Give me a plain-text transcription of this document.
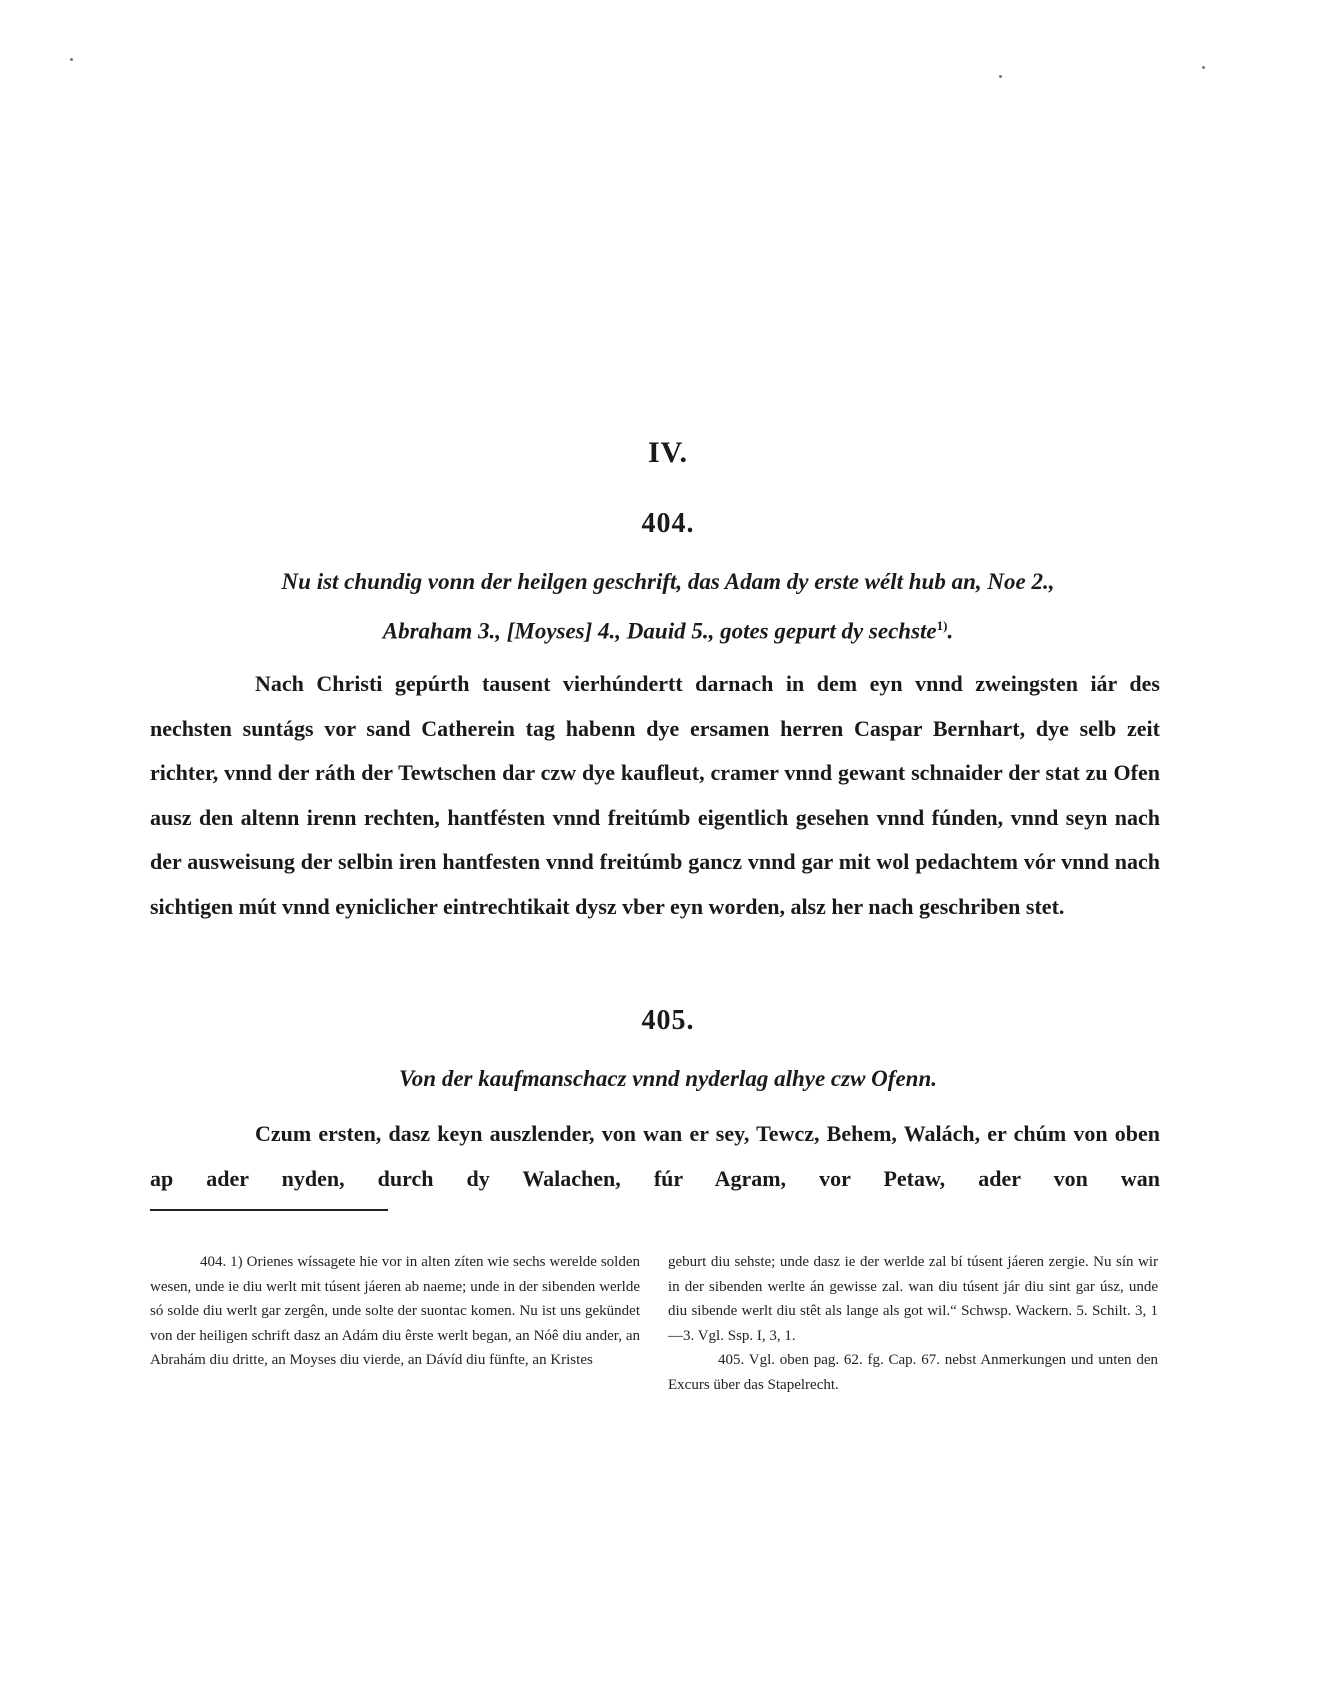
IV.
404.
Nu ist chundig vonn der heilgen geschrift, das Adam dy erste wélt hub an, Noe 2.,
Abraham 3., [Moyses] 4., Dauid 5., gotes gepurt dy sechste$^{1)}$.
Nach Christi gepúrth tausent vierhúndertt darnach in dem eyn vnnd zweingsten iár des nechsten suntágs vor sand Catherein tag habenn dye ersamen herren Caspar Bernhart, dye selb zeit richter, vnnd der ráth der Tewtschen dar czw dye kaufleut, cramer vnnd gewant schnaider der stat zu Ofen ausz den altenn irenn rechten, hantfésten vnnd freitúmb eigentlich gesehen vnnd fúnden, vnnd seyn nach der ausweisung der selbin iren hantfesten vnnd freitúmb gancz vnnd gar mit wol pedachtem vór vnnd nach sichtigen mút vnnd eyniclicher eintrechtikait dysz vber eyn worden, alsz her nach geschriben stet.
405.
Von der kaufmanschacz vnnd nyderlag alhye czw Ofenn.
Czum ersten, dasz keyn auszlender, von wan er sey, Tewcz, Behem, Walách, er chúm von oben ap ader nyden, durch dy Walachen, fúr Agram, vor Petaw, ader von wan

404. 1) Orienes wíssagete hie vor in alten zíten wie sechs werelde solden wesen, unde ie diu werlt mit túsent jáeren ab naeme; unde in der sibenden werlde só solde diu werlt gar zergên, unde solte der suontac komen. Nu ist uns gekündet von der heiligen schrift dasz an Adám diu êrste werlt began, an Nóê diu ander, an Abrahám diu dritte, an Moyses diu vierde, an Dávíd diu fünfte, an Kristes

geburt diu sehste; unde dasz ie der werlde zal bí túsent jáeren zergie. Nu sín wir in der sibenden werlte án gewisse zal. wan diu túsent jár diu sint gar úsz, unde diu sibende werlt diu stêt als lange als got wil.“ Schwsp. Wackern. 5. Schilt. 3, 1—3. Vgl. Ssp. I, 3, 1.

405. Vgl. oben pag. 62. fg. Cap. 67. nebst Anmerkungen und unten den Excurs über das Stapelrecht.
